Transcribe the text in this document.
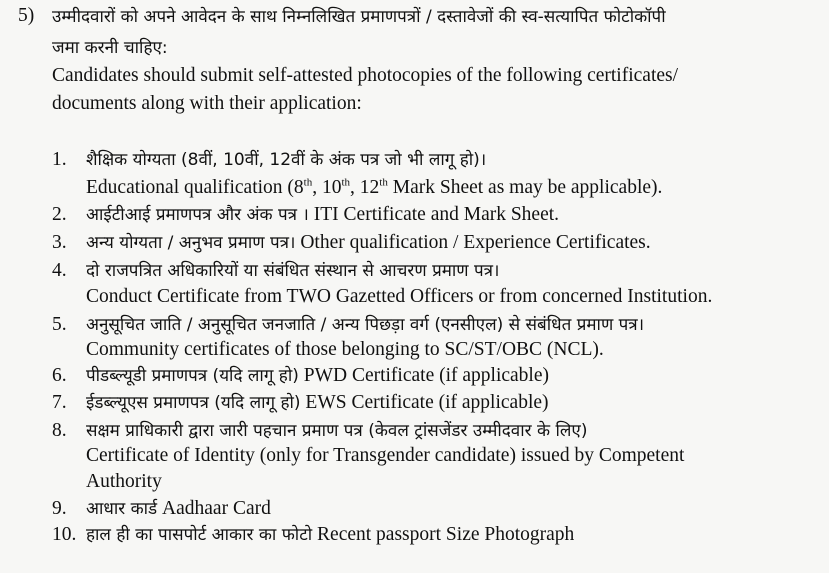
5) उम्मीदवारों को अपने आवेदन के साथ निम्नलिखित प्रमाणपत्रों / दस्तावेजों की स्व-सत्यापित फोटोकॉपी
जमा करनी चाहिए:
Candidates should submit self-attested photocopies of the following certificates/
documents along with their application:
1. शैक्षिक योग्यता (8वीं, 10वीं, 12वीं के अंक पत्र जो भी लागू हो)।
Educational qualification (8th, 10th, 12th Mark Sheet as may be applicable).
2. आईटीआई प्रमाणपत्र और अंक पत्र । ITI Certificate and Mark Sheet.
3. अन्य योग्यता / अनुभव प्रमाण पत्र। Other qualification / Experience Certificates.
4. दो राजपत्रित अधिकारियों या संबंधित संस्थान से आचरण प्रमाण पत्र।
Conduct Certificate from TWO Gazetted Officers or from concerned Institution.
5. अनुसूचित जाति / अनुसूचित जनजाति / अन्य पिछड़ा वर्ग (एनसीएल) से संबंधित प्रमाण पत्र।
Community certificates of those belonging to SC/ST/OBC (NCL).
6. पीडब्ल्यूडी प्रमाणपत्र (यदि लागू हो) PWD Certificate (if applicable)
7. ईडब्ल्यूएस प्रमाणपत्र (यदि लागू हो) EWS Certificate (if applicable)
8. सक्षम प्राधिकारी द्वारा जारी पहचान प्रमाण पत्र (केवल ट्रांसजेंडर उम्मीदवार के लिए)
Certificate of Identity (only for Transgender candidate) issued by Competent
Authority
9. आधार कार्ड Aadhaar Card
10. हाल ही का पासपोर्ट आकार का फोटो Recent passport Size Photograph
